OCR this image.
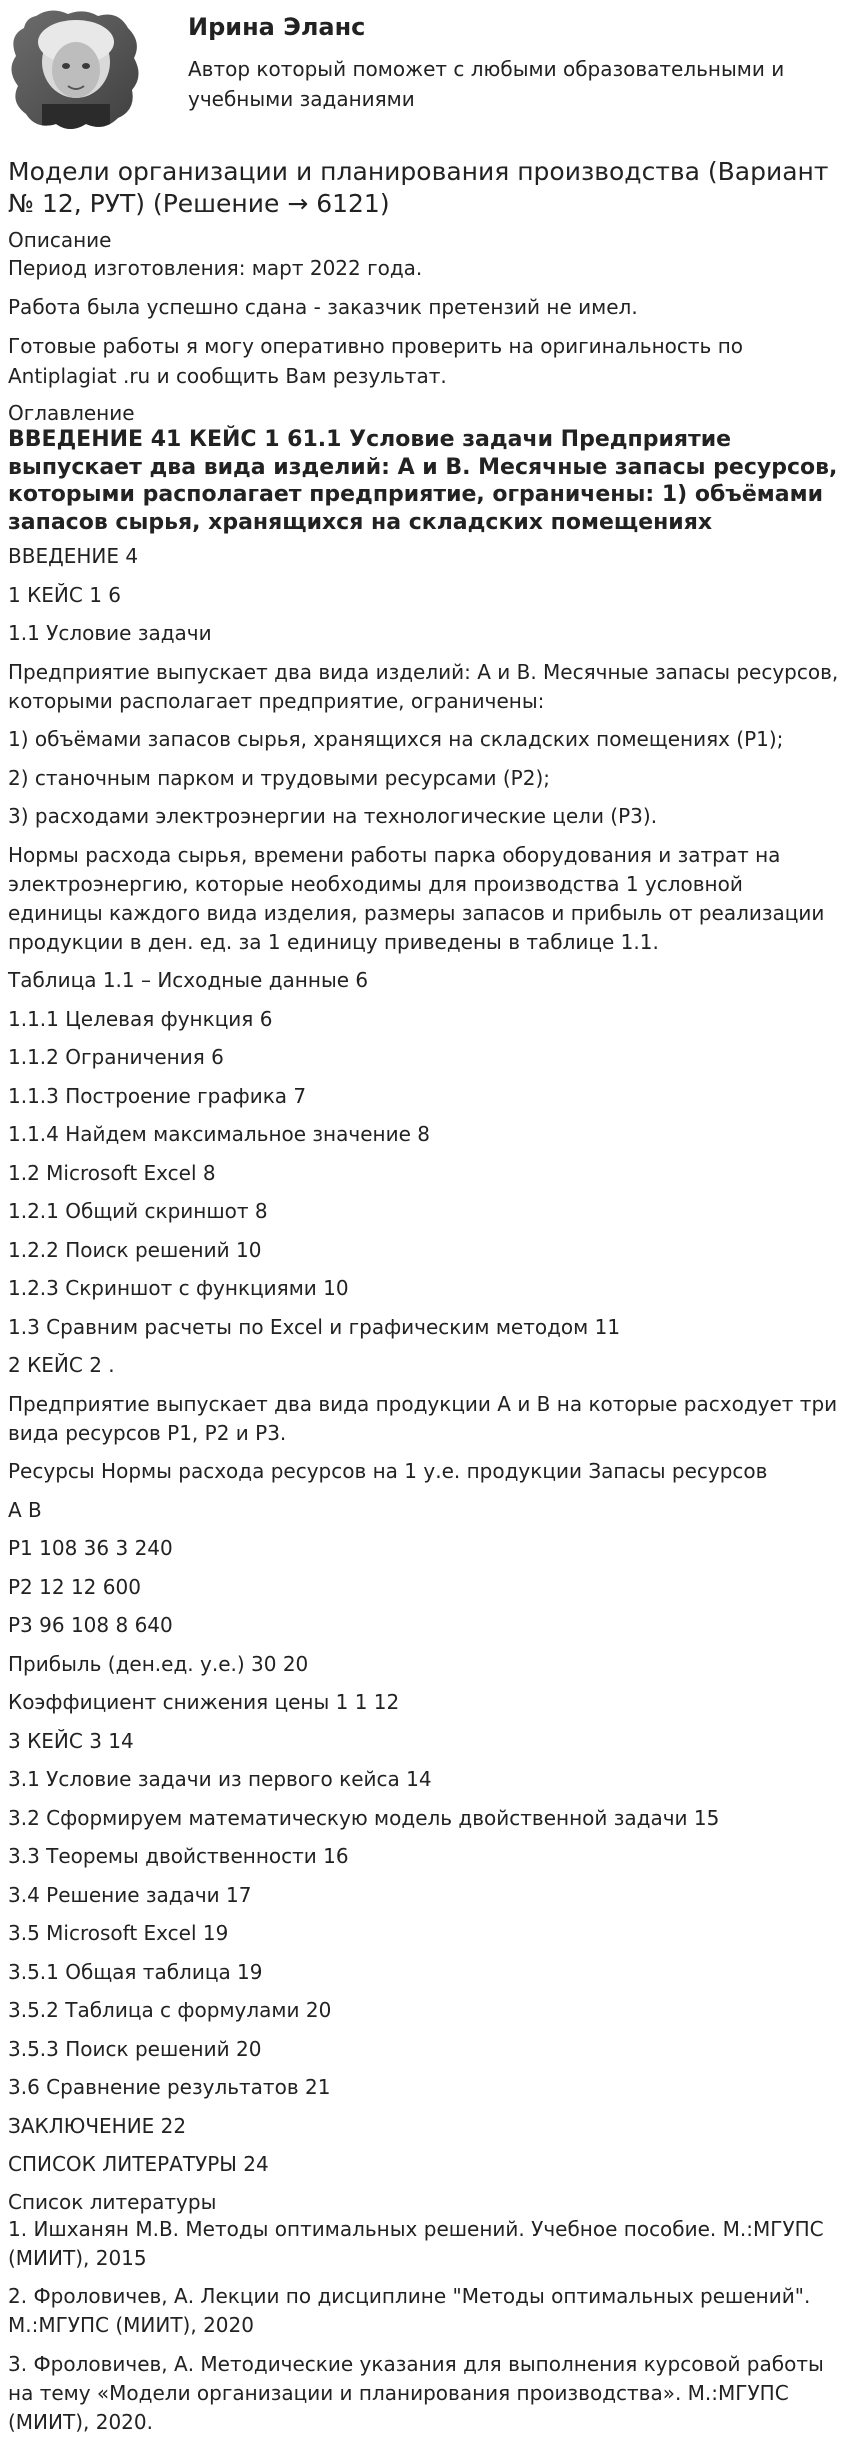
Ирина Эланс

Автор который поможет с любыми образовательными и учебными заданиями

Модели организации и планирования производства (Вариант № 12, РУТ) (Решение → 6121)

Описание

Период изготовления: март 2022 года.

Работа была успешно сдана - заказчик претензий не имел.

Готовые работы я могу оперативно проверить на оригинальность по Antiplagiat .ru и сообщить Вам результат.

Оглавление

ВВЕДЕНИЕ 41 КЕЙС 1 61.1 Условие задачи Предприятие выпускает два вида изделий: А и В. Месячные запасы ресурсов, которыми располагает предприятие, ограничены: 1) объёмами запасов сырья, хранящихся на складских помещениях

ВВЕДЕНИЕ 4

1 КЕЙС 1 6

1.1 Условие задачи

Предприятие выпускает два вида изделий: А и В. Месячные запасы ресурсов, которыми располагает предприятие, ограничены:

1) объёмами запасов сырья, хранящихся на складских помещениях (Р1);

2) станочным парком и трудовыми ресурсами (Р2);

3) расходами электроэнергии на технологические цели (Р3).

Нормы расхода сырья, времени работы парка оборудования и затрат на электроэнергию, которые необходимы для производства 1 условной единицы каждого вида изделия, размеры запасов и прибыль от реализации продукции в ден. ед. за 1 единицу приведены в таблице 1.1.

Таблица 1.1 – Исходные данные 6

1.1.1 Целевая функция 6

1.1.2 Ограничения 6

1.1.3 Построение графика 7

1.1.4 Найдем максимальное значение 8

1.2 Microsoft Excel 8

1.2.1 Общий скриншот 8

1.2.2 Поиск решений 10

1.2.3 Скриншот с функциями 10

1.3 Сравним расчеты по Excel и графическим методом 11

2 КЕЙС 2 .

Предприятие выпускает два вида продукции А и В на которые расходует три вида ресурсов Р1, Р2 и Р3.

Ресурсы Нормы расхода ресурсов на 1 у.е. продукции Запасы ресурсов

А В

Р1 108 36 3 240

Р2 12 12 600

Р3 96 108 8 640

Прибыль (ден.ед. у.е.) 30 20

Коэффициент снижения цены 1 1 12

3 КЕЙС 3 14

3.1 Условие задачи из первого кейса 14

3.2 Сформируем математическую модель двойственной задачи 15

3.3 Теоремы двойственности 16

3.4 Решение задачи 17

3.5 Microsoft Excel 19

3.5.1 Общая таблица 19

3.5.2 Таблица с формулами 20

3.5.3 Поиск решений 20

3.6 Сравнение результатов 21

ЗАКЛЮЧЕНИЕ 22

СПИСОК ЛИТЕРАТУРЫ 24

Список литературы

1. Ишханян М.В. Методы оптимальных решений. Учебное пособие. М.:МГУПС (МИИТ), 2015

2. Фроловичев, А. Лекции по дисциплине "Методы оптимальных решений". М.:МГУПС (МИИТ), 2020

3. Фроловичев, А. Методические указания для выполнения курсовой работы на тему «Модели организации и планирования производства». М.:МГУПС (МИИТ), 2020.
